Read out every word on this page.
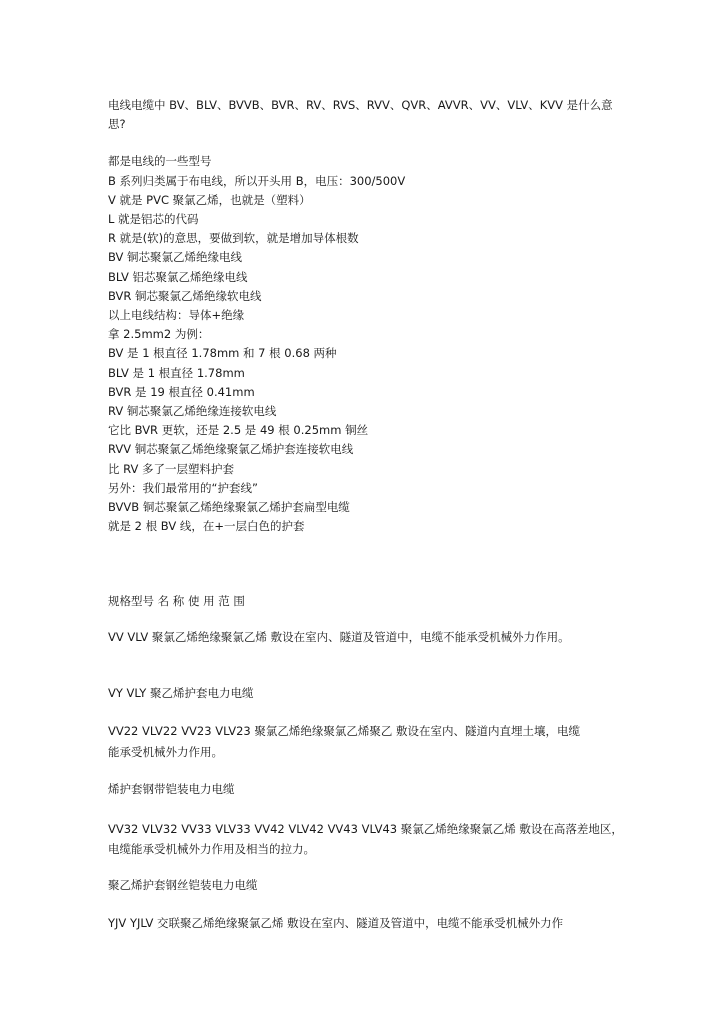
电线电缆中 BV、BLV、BVVB、BVR、RV、RVS、RVV、QVR、AVVR、VV、VLV、KVV 是什么意
思?
都是电线的一些型号
B 系列归类属于布电线，所以开头用 B，电压：300/500V
V 就是 PVC 聚氯乙烯，也就是（塑料）
L 就是铝芯的代码
R 就是(软)的意思，要做到软，就是增加导体根数
BV 铜芯聚氯乙烯绝缘电线
BLV 铝芯聚氯乙烯绝缘电线
BVR 铜芯聚氯乙烯绝缘软电线
以上电线结构：导体+绝缘
拿 2.5mm2 为例：
BV 是 1 根直径 1.78mm 和 7 根 0.68 两种
BLV 是 1 根直径 1.78mm
BVR 是 19 根直径 0.41mm
RV 铜芯聚氯乙烯绝缘连接软电线
它比 BVR 更软，还是 2.5 是 49 根 0.25mm 铜丝
RVV 铜芯聚氯乙烯绝缘聚氯乙烯护套连接软电线
比 RV 多了一层塑料护套
另外：我们最常用的“护套线”
BVVB 铜芯聚氯乙烯绝缘聚氯乙烯护套扁型电缆
就是 2 根 BV 线，在+一层白色的护套
规格型号 名 称 使 用 范 围
VV VLV 聚氯乙烯绝缘聚氯乙烯 敷设在室内、隧道及管道中，电缆不能承受机械外力作用。
VY VLY 聚乙烯护套电力电缆
VV22 VLV22 VV23 VLV23 聚氯乙烯绝缘聚氯乙烯聚乙 敷设在室内、隧道内直埋土壤，电缆
能承受机械外力作用。
烯护套钢带铠装电力电缆
VV32 VLV32 VV33 VLV33 VV42 VLV42 VV43 VLV43 聚氯乙烯绝缘聚氯乙烯 敷设在高落差地区，
电缆能承受机械外力作用及相当的拉力。
聚乙烯护套钢丝铠装电力电缆
YJV YJLV 交联聚乙烯绝缘聚氯乙烯 敷设在室内、隧道及管道中，电缆不能承受机械外力作
